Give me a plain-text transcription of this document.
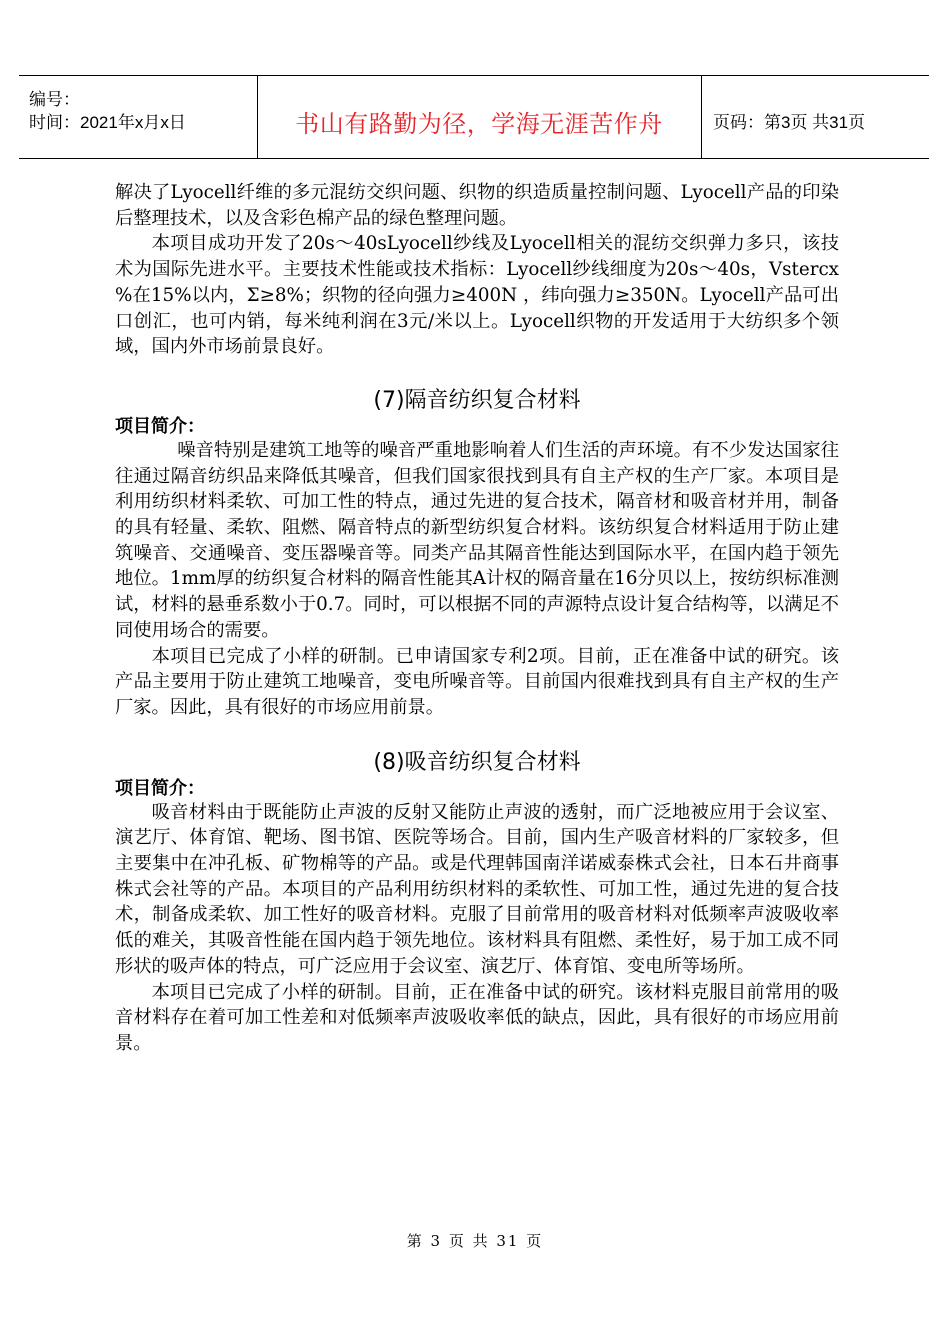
编号：
时间：2021年x月x日	书山有路勤为径，学海无涯苦作舟	页码：第3页 共31页

解决了Lyocell纤维的多元混纺交织问题、织物的织造质量控制问题、Lyocell产品的印染后整理技术，以及含彩色棉产品的绿色整理问题。

本项目成功开发了20s～40sLyocell纱线及Lyocell相关的混纺交织弹力多只，该技术为国际先进水平。主要技术性能或技术指标：Lyocell纱线细度为20s～40s，Vstercx %在15%以内，Σ≥8%；织物的径向强力≥400N ，纬向强力≥350N。Lyocell产品可出口创汇，也可内销，每米纯利润在3元/米以上。Lyocell织物的开发适用于大纺织多个领域，国内外市场前景良好。

(7)隔音纺织复合材料
项目简介：

噪音特别是建筑工地等的噪音严重地影响着人们生活的声环境。有不少发达国家往往通过隔音纺织品来降低其噪音，但我们国家很找到具有自主产权的生产厂家。本项目是利用纺织材料柔软、可加工性的特点，通过先进的复合技术，隔音材和吸音材并用，制备的具有轻量、柔软、阻燃、隔音特点的新型纺织复合材料。该纺织复合材料适用于防止建筑噪音、交通噪音、变压器噪音等。同类产品其隔音性能达到国际水平，在国内趋于领先地位。1mm厚的纺织复合材料的隔音性能其A计权的隔音量在16分贝以上，按纺织标准测试，材料的悬垂系数小于0.7。同时，可以根据不同的声源特点设计复合结构等，以满足不同使用场合的需要。

本项目已完成了小样的研制。已申请国家专利2项。目前，正在准备中试的研究。该产品主要用于防止建筑工地噪音，变电所噪音等。目前国内很难找到具有自主产权的生产厂家。因此，具有很好的市场应用前景。

(8)吸音纺织复合材料
项目简介：

吸音材料由于既能防止声波的反射又能防止声波的透射，而广泛地被应用于会议室、演艺厅、体育馆、靶场、图书馆、医院等场合。目前，国内生产吸音材料的厂家较多，但主要集中在冲孔板、矿物棉等的产品。或是代理韩国南洋诺威泰株式会社，日本石井商事株式会社等的产品。本项目的产品利用纺织材料的柔软性、可加工性，通过先进的复合技术，制备成柔软、加工性好的吸音材料。克服了目前常用的吸音材料对低频率声波吸收率低的难关，其吸音性能在国内趋于领先地位。该材料具有阻燃、柔性好，易于加工成不同形状的吸声体的特点，可广泛应用于会议室、演艺厅、体育馆、变电所等场所。

本项目已完成了小样的研制。目前，正在准备中试的研究。该材料克服目前常用的吸音材料存在着可加工性差和对低频率声波吸收率低的缺点，因此，具有很好的市场应用前景。

第 3 页 共 31 页
